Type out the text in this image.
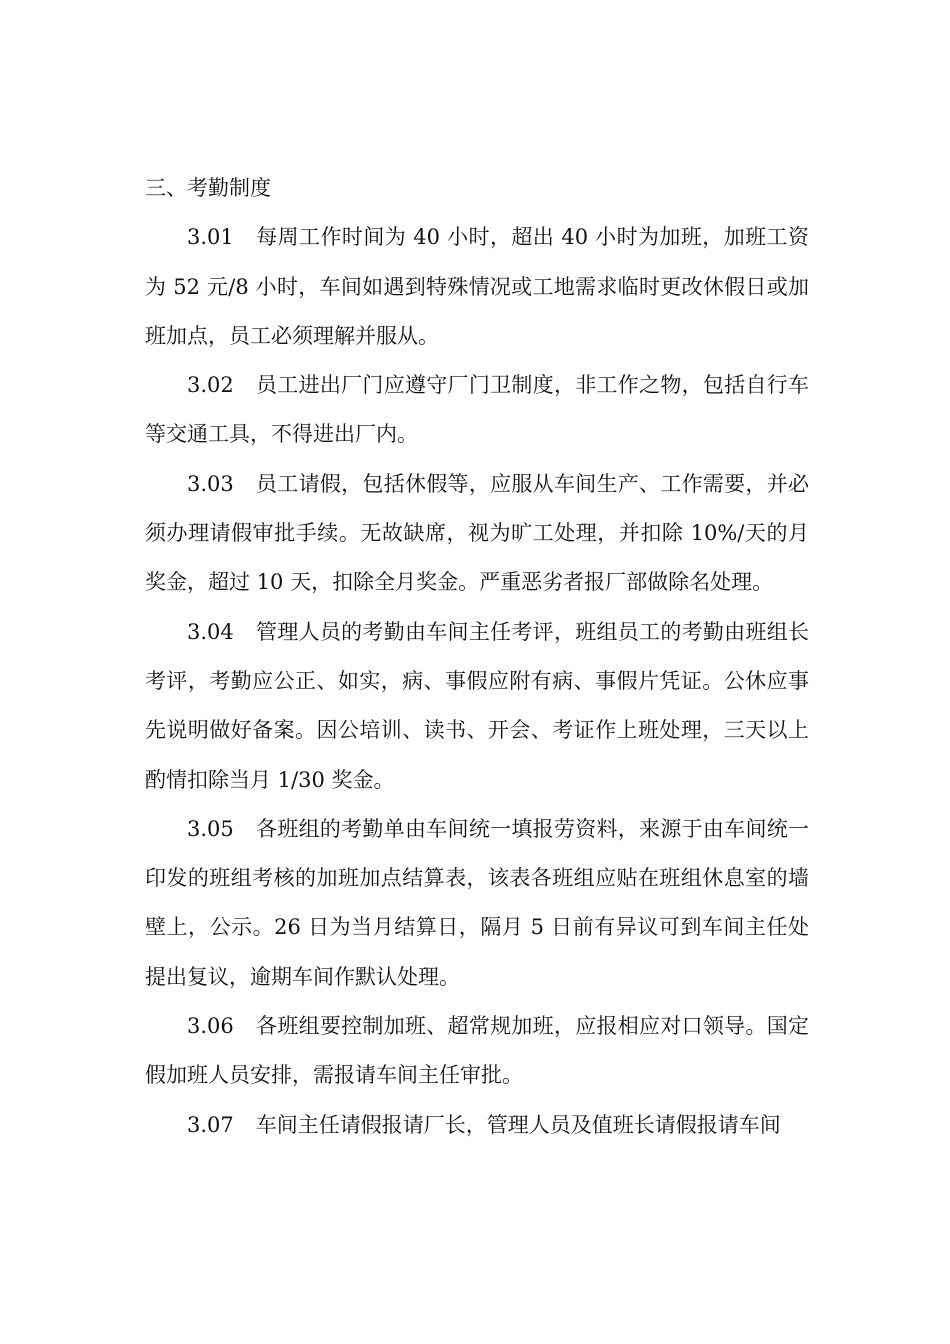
三、考勤制度

3.01 每周工作时间为 40 小时，超出 40 小时为加班，加班工资为 52 元/8 小时，车间如遇到特殊情况或工地需求临时更改休假日或加班加点，员工必须理解并服从。

3.02 员工进出厂门应遵守厂门卫制度，非工作之物，包括自行车等交通工具，不得进出厂内。

3.03 员工请假，包括休假等，应服从车间生产、工作需要，并必须办理请假审批手续。无故缺席，视为旷工处理，并扣除 10%/天的月奖金，超过 10 天，扣除全月奖金。严重恶劣者报厂部做除名处理。

3.04 管理人员的考勤由车间主任考评，班组员工的考勤由班组长考评，考勤应公正、如实，病、事假应附有病、事假片凭证。公休应事先说明做好备案。因公培训、读书、开会、考证作上班处理，三天以上酌情扣除当月 1/30 奖金。

3.05 各班组的考勤单由车间统一填报劳资料，来源于由车间统一印发的班组考核的加班加点结算表，该表各班组应贴在班组休息室的墙壁上，公示。26 日为当月结算日，隔月 5 日前有异议可到车间主任处提出复议，逾期车间作默认处理。

3.06 各班组要控制加班、超常规加班，应报相应对口领导。国定假加班人员安排，需报请车间主任审批。

3.07 车间主任请假报请厂长，管理人员及值班长请假报请车间
